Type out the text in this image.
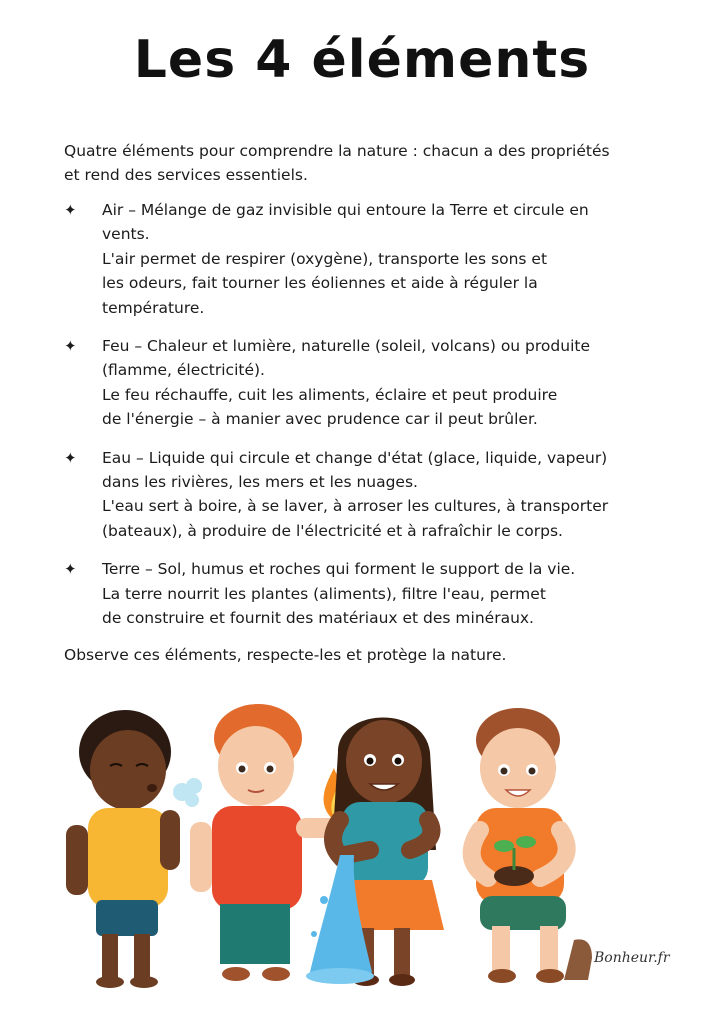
Les 4 éléments
Quatre éléments pour comprendre la nature : chacun a des propriétés
et rend des services essentiels.
✦ Air – Mélange de gaz invisible qui entoure la Terre et circule en
vents.
L'air permet de respirer (oxygène), transporte les sons et
les odeurs, fait tourner les éoliennes et aide à réguler la
température.
✦ Feu – Chaleur et lumière, naturelle (soleil, volcans) ou produite
(flamme, électricité).
Le feu réchauffe, cuit les aliments, éclaire et peut produire
de l'énergie – à manier avec prudence car il peut brûler.
✦ Eau – Liquide qui circule et change d'état (glace, liquide, vapeur)
dans les rivières, les mers et les nuages.
L'eau sert à boire, à se laver, à arroser les cultures, à transporter
(bateaux), à produire de l'électricité et à rafraîchir le corps.
✦ Terre – Sol, humus et roches qui forment le support de la vie.
La terre nourrit les plantes (aliments), filtre l'eau, permet
de construire et fournit des matériaux et des minéraux.
Observe ces éléments, respecte-les et protège la nature.
Bonheur.fr
